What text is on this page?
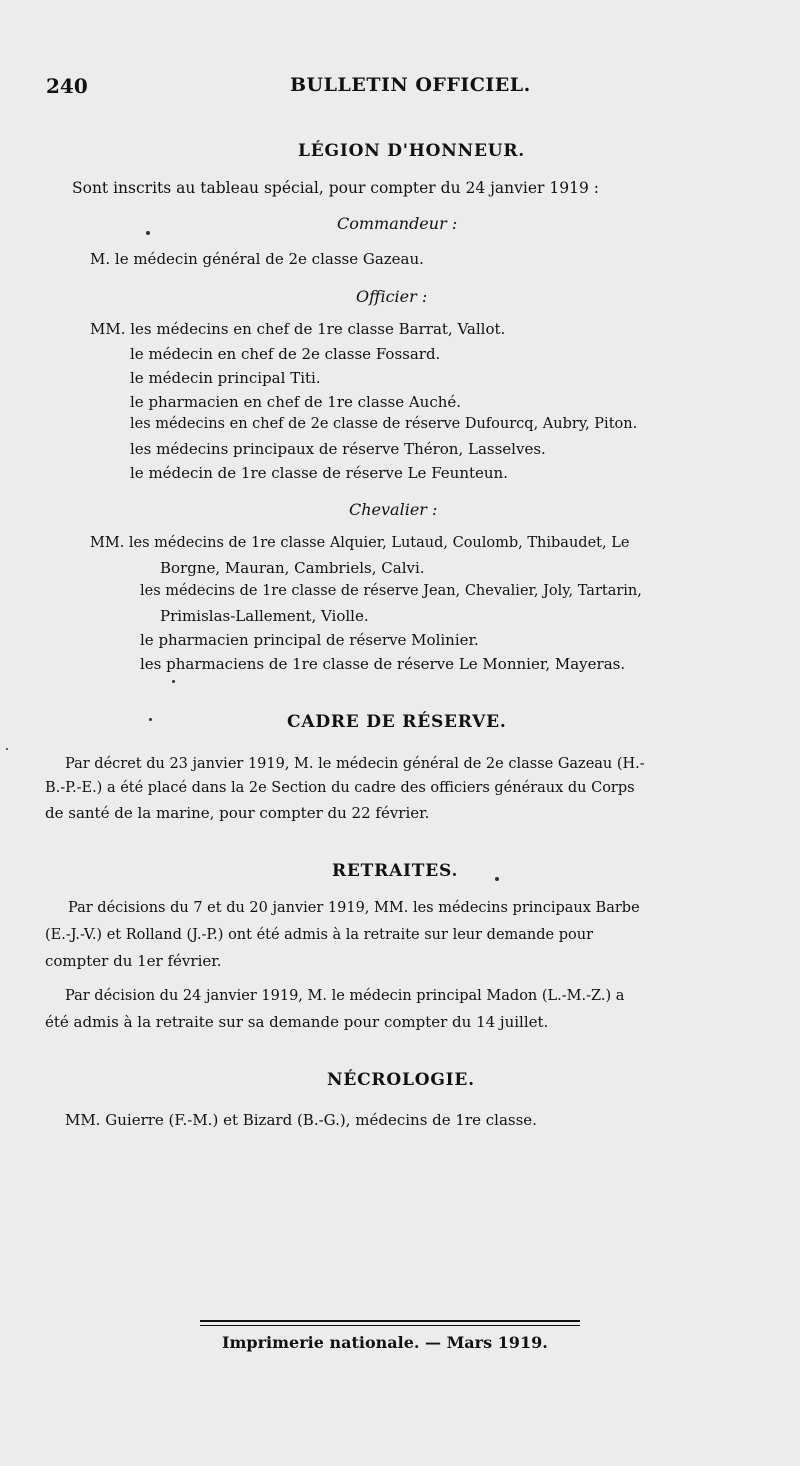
240	BULLETIN OFFICIEL.
LÉGION D'HONNEUR.
Sont inscrits au tableau spécial, pour compter du 24 janvier 1919 :
Commandeur :
M. le médecin général de 2e classe Gazeau.
Officier :
MM. les médecins en chef de 1re classe Barrat, Vallot.
le médecin en chef de 2e classe Fossard.
le médecin principal Titi.
le pharmacien en chef de 1re classe Auché.
les médecins en chef de 2e classe de réserve Dufourcq, Aubry, Piton.
les médecins principaux de réserve Théron, Lasselves.
le médecin de 1re classe de réserve Le Feunteun.
Chevalier :
MM. les médecins de 1re classe Alquier, Lutaud, Coulomb, Thibaudet, Le
Borgne, Mauran, Cambriels, Calvi.
les médecins de 1re classe de réserve Jean, Chevalier, Joly, Tartarin,
Primislas-Lallement, Violle.
le pharmacien principal de réserve Molinier.
les pharmaciens de 1re classe de réserve Le Monnier, Mayeras.
CADRE DE RÉSERVE.
Par décret du 23 janvier 1919, M. le médecin général de 2e classe Gazeau (H.-
B.-P.-E.) a été placé dans la 2e Section du cadre des officiers généraux du Corps
de santé de la marine, pour compter du 22 février.
RETRAITES.
Par décisions du 7 et du 20 janvier 1919, MM. les médecins principaux Barbe
(E.-J.-V.) et Rolland (J.-P.) ont été admis à la retraite sur leur demande pour
compter du 1er février.
Par décision du 24 janvier 1919, M. le médecin principal Madon (L.-M.-Z.) a
été admis à la retraite sur sa demande pour compter du 14 juillet.
NÉCROLOGIE.
MM. Guierre (F.-M.) et Bizard (B.-G.), médecins de 1re classe.
Imprimerie nationale. — Mars 1919.
